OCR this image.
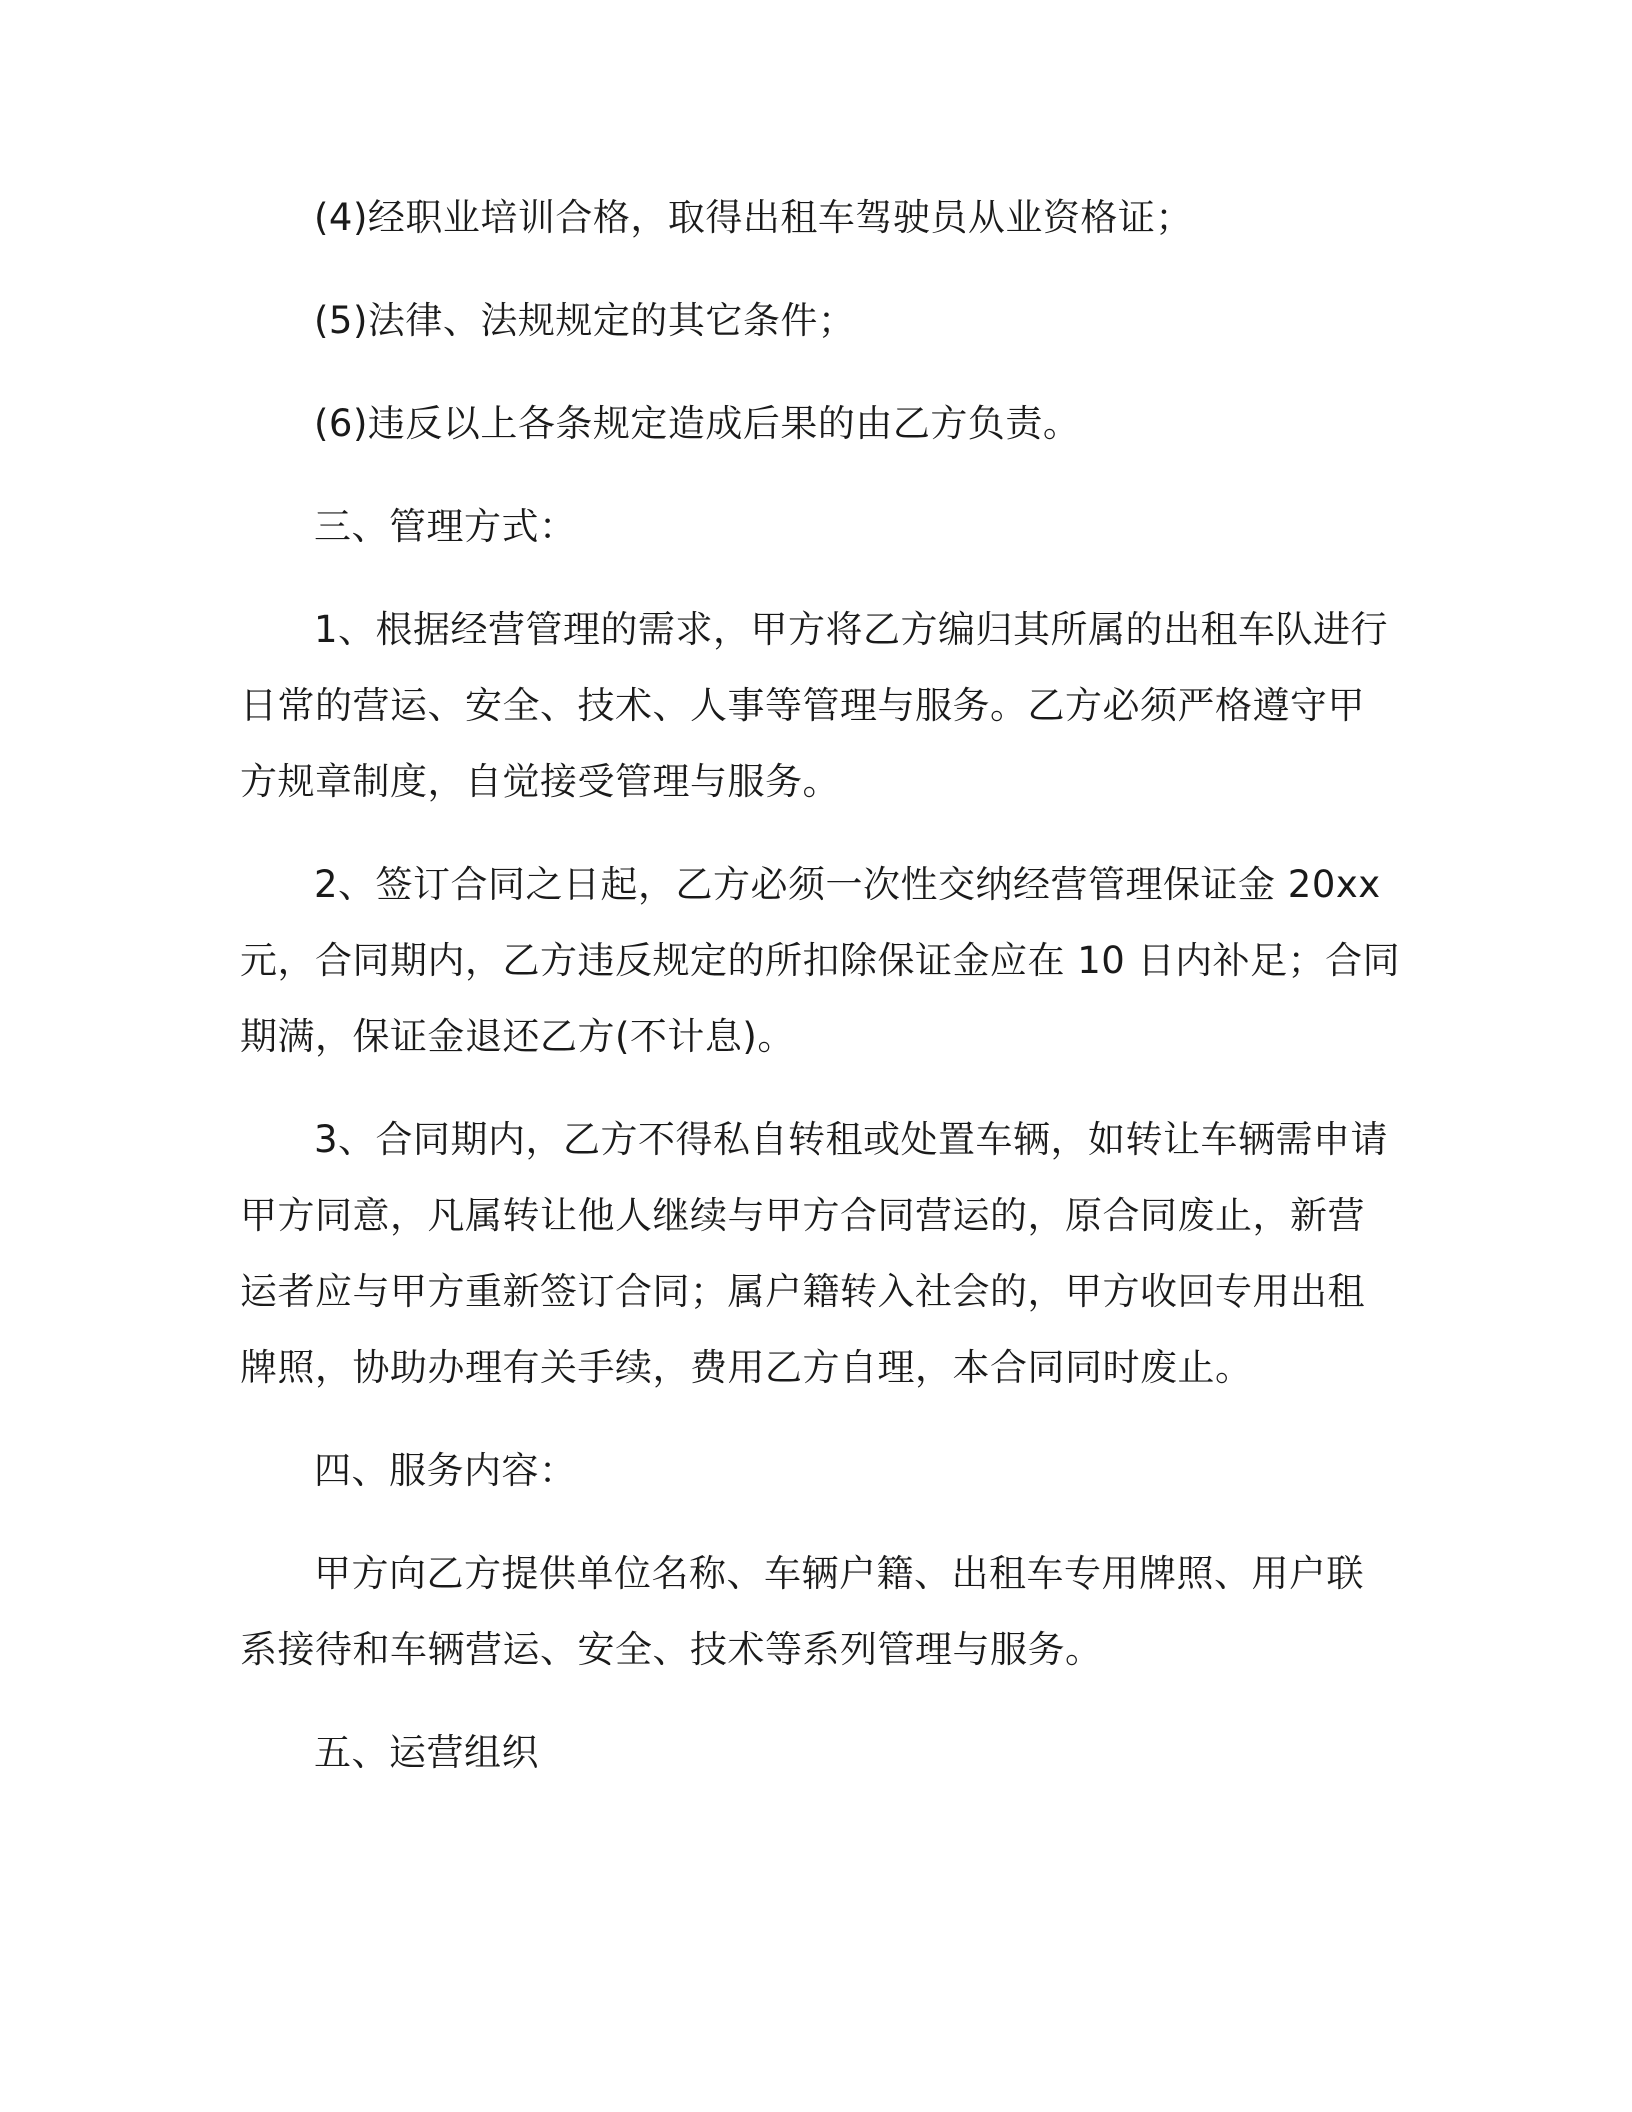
(4)经职业培训合格，取得出租车驾驶员从业资格证；
(5)法律、法规规定的其它条件；
(6)违反以上各条规定造成后果的由乙方负责。
三、管理方式：
1、根据经营管理的需求，甲方将乙方编归其所属的出租车队进行
日常的营运、安全、技术、人事等管理与服务。乙方必须严格遵守甲
方规章制度，自觉接受管理与服务。
2、签订合同之日起，乙方必须一次性交纳经营管理保证金 20xx
元，合同期内，乙方违反规定的所扣除保证金应在 10 日内补足；合同
期满，保证金退还乙方(不计息)。
3、合同期内，乙方不得私自转租或处置车辆，如转让车辆需申请
甲方同意，凡属转让他人继续与甲方合同营运的，原合同废止，新营
运者应与甲方重新签订合同；属户籍转入社会的，甲方收回专用出租
牌照，协助办理有关手续，费用乙方自理，本合同同时废止。
四、服务内容：
甲方向乙方提供单位名称、车辆户籍、出租车专用牌照、用户联
系接待和车辆营运、安全、技术等系列管理与服务。
五、运营组织
